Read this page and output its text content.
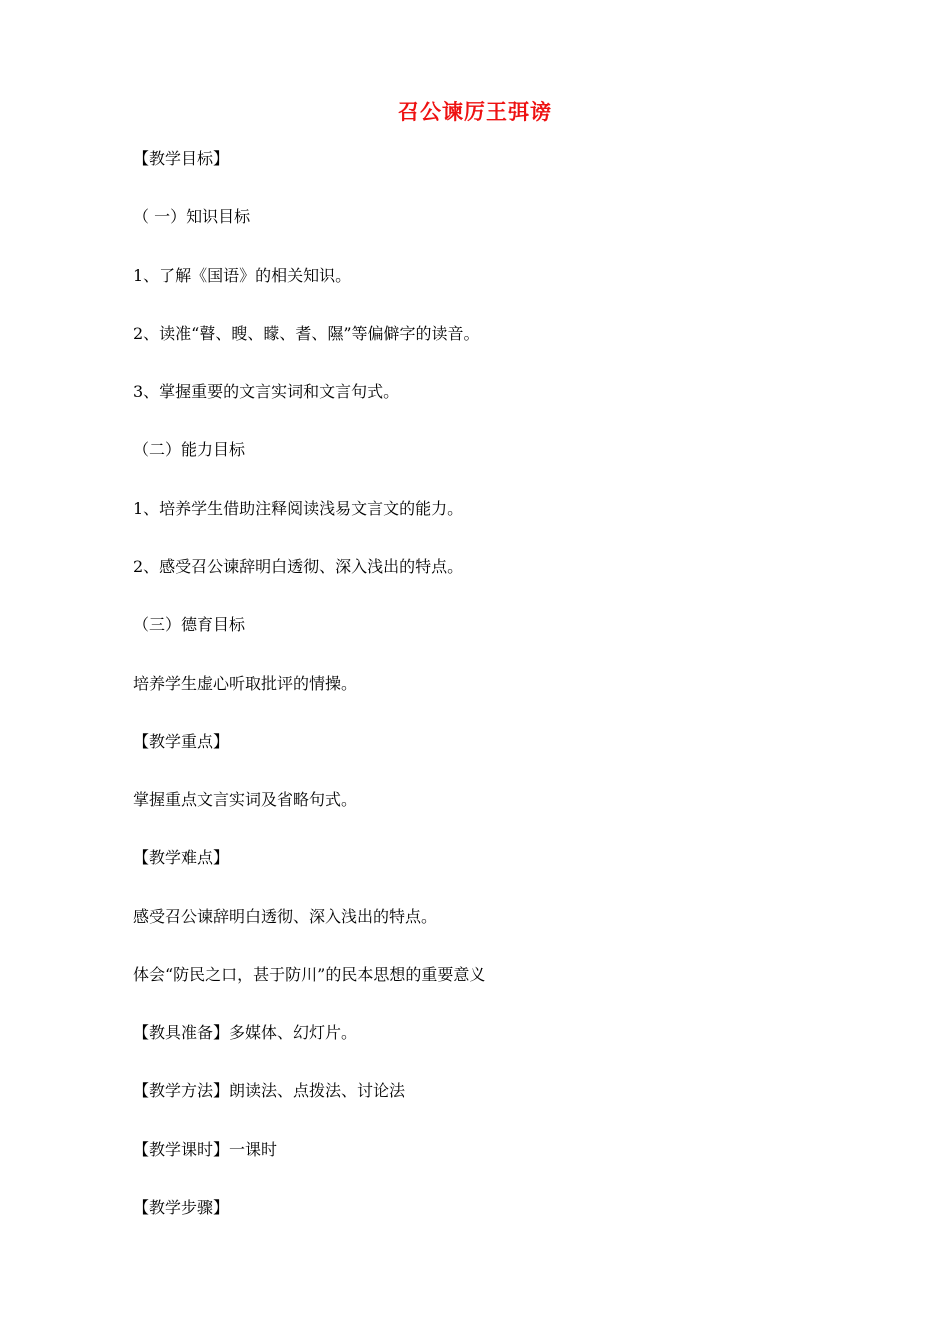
召公谏厉王弭谤
【教学目标】
（ 一）知识目标
1、了解《国语》的相关知识。
2、读准“瞽、瞍、矇、耆、隰”等偏僻字的读音。
3、掌握重要的文言实词和文言句式。
（二）能力目标
1、培养学生借助注释阅读浅易文言文的能力。
2、感受召公谏辞明白透彻、深入浅出的特点。
（三）德育目标
培养学生虚心听取批评的情操。
【教学重点】
掌握重点文言实词及省略句式。
【教学难点】
感受召公谏辞明白透彻、深入浅出的特点。
体会“防民之口，甚于防川”的民本思想的重要意义
【教具准备】多媒体、幻灯片。
【教学方法】朗读法、点拨法、讨论法
【教学课时】一课时
【教学步骤】
